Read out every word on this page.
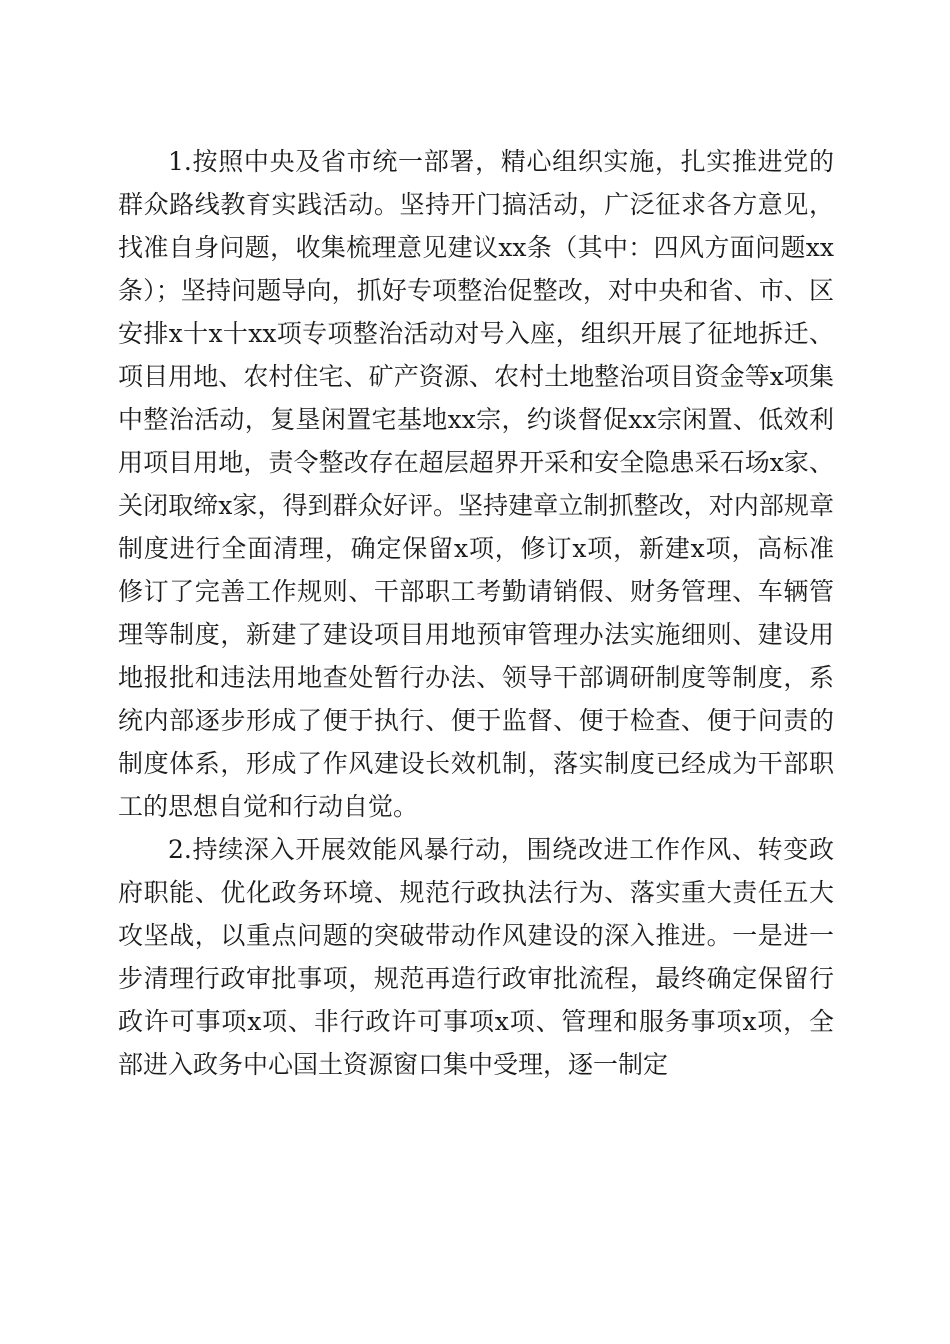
1.按照中央及省市统一部署，精心组织实施，扎实推进党的群众路线教育实践活动。坚持开门搞活动，广泛征求各方意见，找准自身问题，收集梳理意见建议xx条（其中：四风方面问题xx条）；坚持问题导向，抓好专项整治促整改，对中央和省、市、区安排x十x十xx项专项整治活动对号入座，组织开展了征地拆迁、项目用地、农村住宅、矿产资源、农村土地整治项目资金等x项集中整治活动，复垦闲置宅基地xx宗，约谈督促xx宗闲置、低效利用项目用地，责令整改存在超层超界开采和安全隐患采石场x家、关闭取缔x家，得到群众好评。坚持建章立制抓整改，对内部规章制度进行全面清理，确定保留x项，修订x项，新建x项，高标准修订了完善工作规则、干部职工考勤请销假、财务管理、车辆管理等制度，新建了建设项目用地预审管理办法实施细则、建设用地报批和违法用地查处暂行办法、领导干部调研制度等制度，系统内部逐步形成了便于执行、便于监督、便于检查、便于问责的制度体系，形成了作风建设长效机制，落实制度已经成为干部职工的思想自觉和行动自觉。

2.持续深入开展效能风暴行动，围绕改进工作作风、转变政府职能、优化政务环境、规范行政执法行为、落实重大责任五大攻坚战，以重点问题的突破带动作风建设的深入推进。一是进一步清理行政审批事项，规范再造行政审批流程，最终确定保留行政许可事项x项、非行政许可事项x项、管理和服务事项x项，全部进入政务中心国土资源窗口集中受理，逐一制定
